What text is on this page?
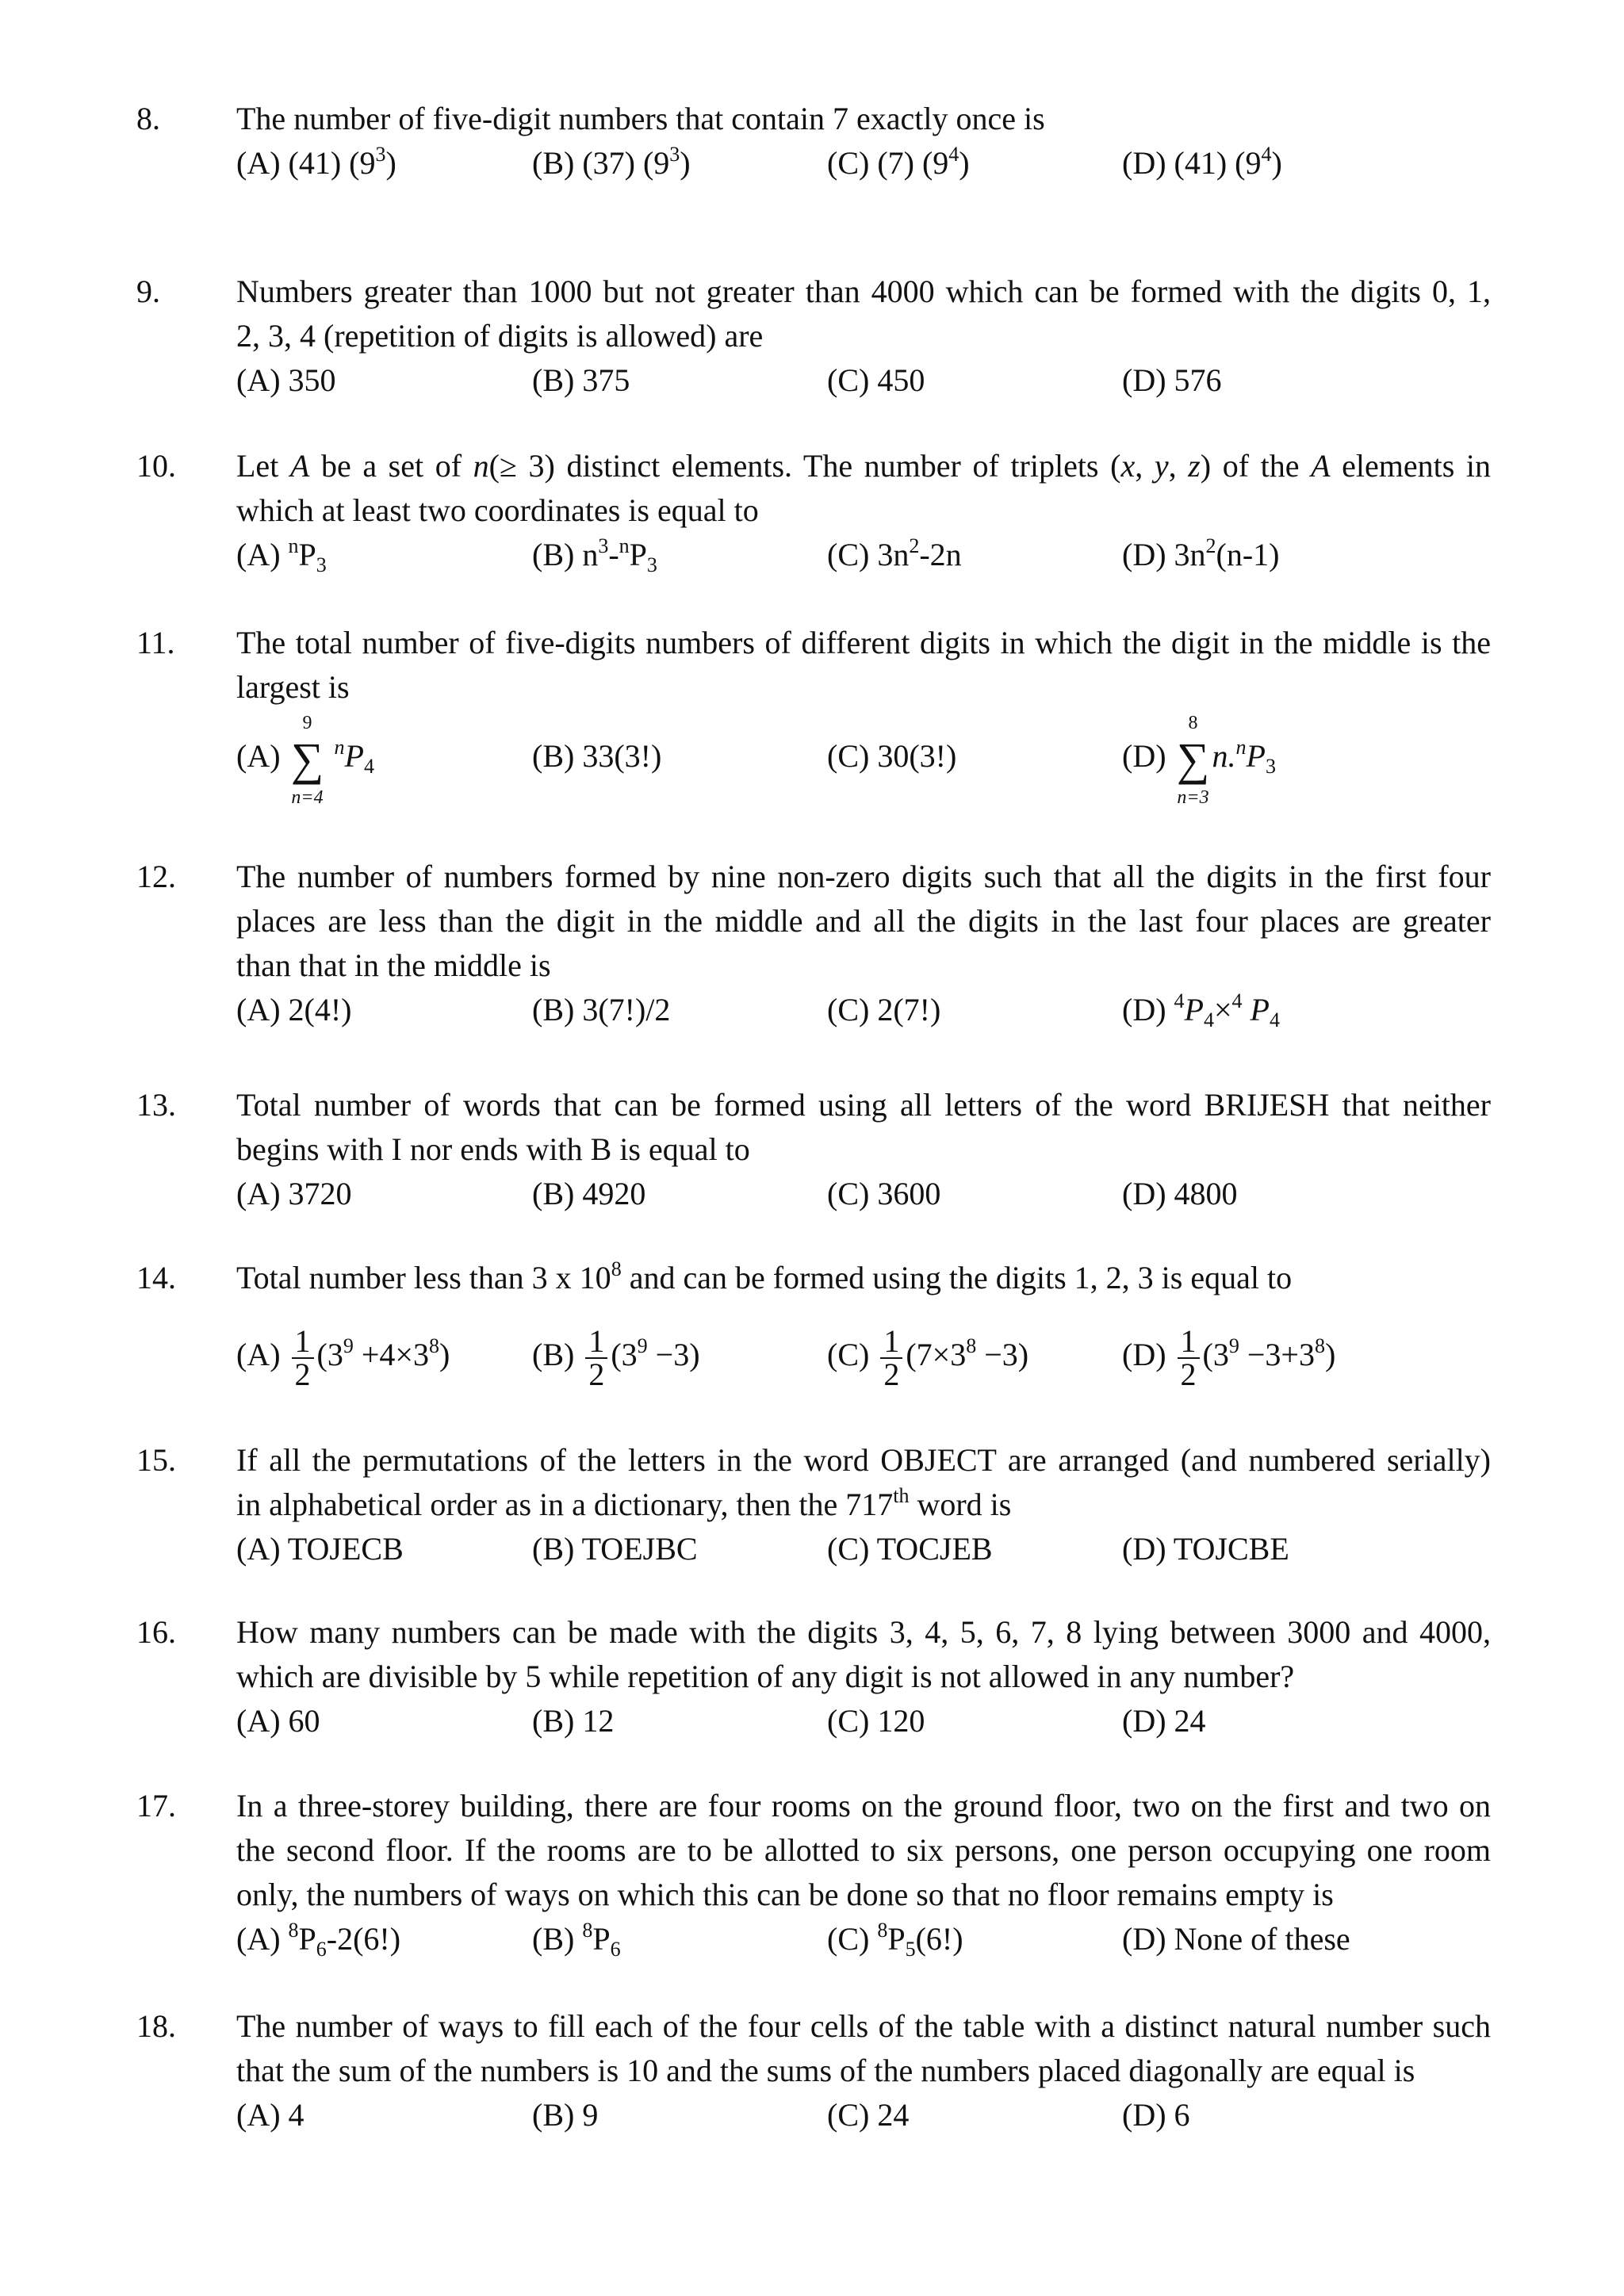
8. The number of five-digit numbers that contain 7 exactly once is
(A) (41) $(9^3)$	(B) (37) $(9^3)$	(C) (7) $(9^4)$	(D) (41) $(9^4)$
9. Numbers greater than 1000 but not greater than 4000 which can be formed with the digits 0, 1,
2, 3, 4 (repetition of digits is allowed) are
(A) 350	(B) 375	(C) 450	(D) 576
10. Let A be a set of n(≥ 3) distinct elements. The number of triplets (x, y, z) of the A elements in
which at least two coordinates is equal to
(A) $^nP_3$	(B) $n^3-^nP_3$	(C) $3n^2-2n$	(D) $3n^2(n-1)$
11. The total number of five-digits numbers of different digits in which the digit in the middle is the
largest is
(A)
9
∑
n=4
$^nP_4$	(B) 33(3!)	(C) 30(3!)	(D)
8
∑
n=3
$n.^nP_3$
12. The number of numbers formed by nine non-zero digits such that all the digits in the first four
places are less than the digit in the middle and all the digits in the last four places are greater
than that in the middle is
(A) 2(4!)	(B) 3(7!)/2	(C) 2(7!)	(D) $^4P_4\times^4$ $P_4$
13. Total number of words that can be formed using all letters of the word BRIJESH that neither
begins with I nor ends with B is equal to
(A) 3720	(B) 4920	(C) 3600	(D) 4800
14. Total number less than 3 x $10^8$ and can be formed using the digits 1, 2, 3 is equal to
$(A) \frac{1}{2} (3^9 +4\times 3^8)$	$(B) \frac{1}{2} (3^9 -3)$	$(C) \frac{1}{2} (7\times 3^8 -3)$	$(D) \frac{1}{2} (3^9 -3+3^8)$
15. If all the permutations of the letters in the word OBJECT are arranged (and numbered serially)
in alphabetical order as in a dictionary, then the 717th word is
(A) TOJECB	(B) TOEJBC	(C) TOCJEB	(D) TOJCBE
16. How many numbers can be made with the digits 3, 4, 5, 6, 7, 8 lying between 3000 and 4000,
which are divisible by 5 while repetition of any digit is not allowed in any number?
(A) 60	(B) 12	(C) 120	(D) 24
17. In a three-storey building, there are four rooms on the ground floor, two on the first and two on
the second floor. If the rooms are to be allotted to six persons, one person occupying one room
only, the numbers of ways on which this can be done so that no floor remains empty is
(A) $^8P_6-2(6!)$	(B) $^8P_6$	(C) $^8P_5(6!)$	(D) None of these
18. The number of ways to fill each of the four cells of the table with a distinct natural number such
that the sum of the numbers is 10 and the sums of the numbers placed diagonally are equal is
(A) 4	(B) 9	(C) 24	(D) 6
